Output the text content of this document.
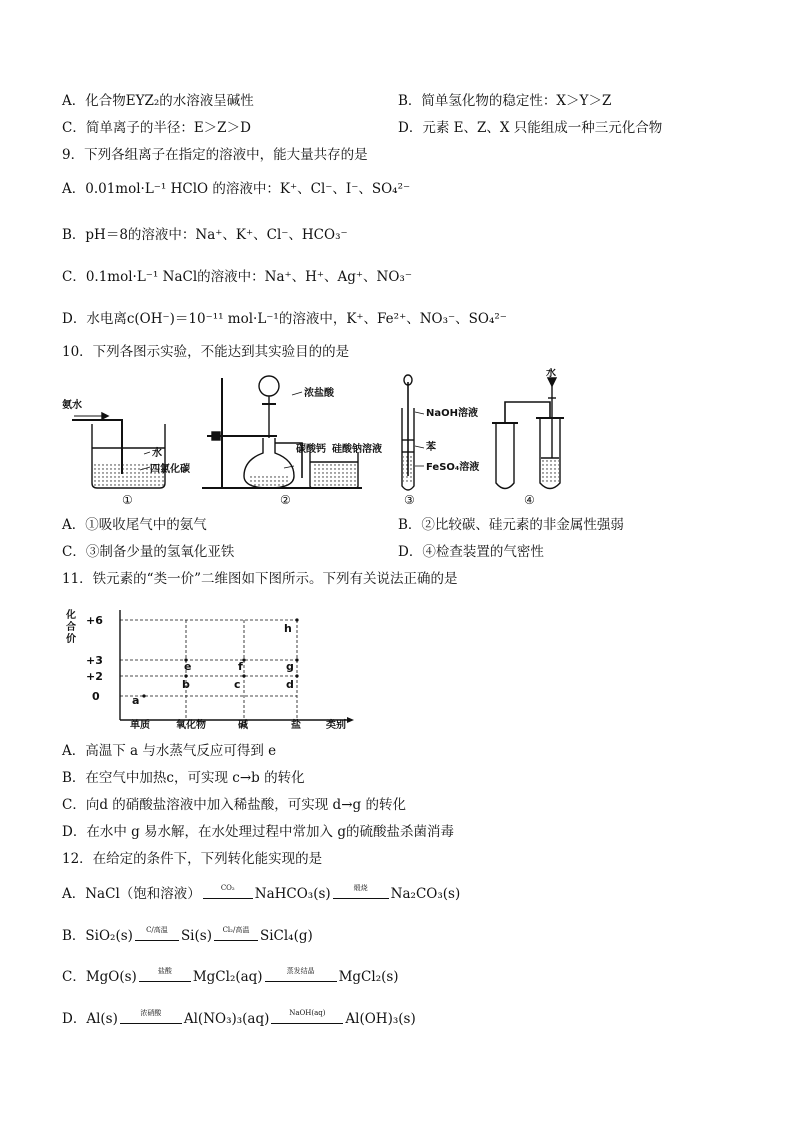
A．化合物EYZ₂的水溶液呈碱性	B．简单氢化物的稳定性：X＞Y＞Z
C．简单离子的半径：E＞Z＞D	D．元素 E、Z、X 只能组成一种三元化合物
9．下列各组离子在指定的溶液中，能大量共存的是
A．0.01mol·L⁻¹ HClO 的溶液中：K⁺、Cl⁻、I⁻、SO₄²⁻
B．pH＝8的溶液中：Na⁺、K⁺、Cl⁻、HCO₃⁻
C．0.1mol·L⁻¹ NaCl的溶液中：Na⁺、H⁺、Ag⁺、NO₃⁻
D．水电离c(OH⁻)＝10⁻¹¹ mol·L⁻¹的溶液中，K⁺、Fe²⁺、NO₃⁻、SO₄²⁻
10．下列各图示实验，不能达到其实验目的的是
氨水
水
四氯化碳
①
浓盐酸
碳酸钙 硅酸钠溶液
②
NaOH溶液
苯
FeSO₄溶液
③
水
④
A．①吸收尾气中的氨气	B．②比较碳、硅元素的非金属性强弱
C．③制备少量的氢氧化亚铁	D．④检查装置的气密性
11．铁元素的“类一价”二维图如下图所示。下列有关说法正确的是
化
合
价
+6
+3
+2
0
单质	氧化物	碱	盐	类别
a
b	c	d
e	f	g
h
A．高温下 a 与水蒸气反应可得到 e
B．在空气中加热c，可实现 c→b 的转化
C．向d 的硝酸盐溶液中加入稀盐酸，可实现 d→g 的转化
D．在水中 g 易水解，在水处理过程中常加入 g的硫酸盐杀菌消毒
12．在给定的条件下，下列转化能实现的是
A．NaCl（饱和溶液）	CO₂ NaHCO₃(s)	煅烧 Na₂CO₃(s)
B．SiO₂(s) C/高温 Si(s) Cl₂/高温 SiCl₄(g)
C．MgO(s)	盐酸 MgCl₂(aq)	蒸发结晶 MgCl₂(s)
D．Al(s)	浓硝酸 Al(NO₃)₃(aq)	NaOH(aq) Al(OH)₃(s)
